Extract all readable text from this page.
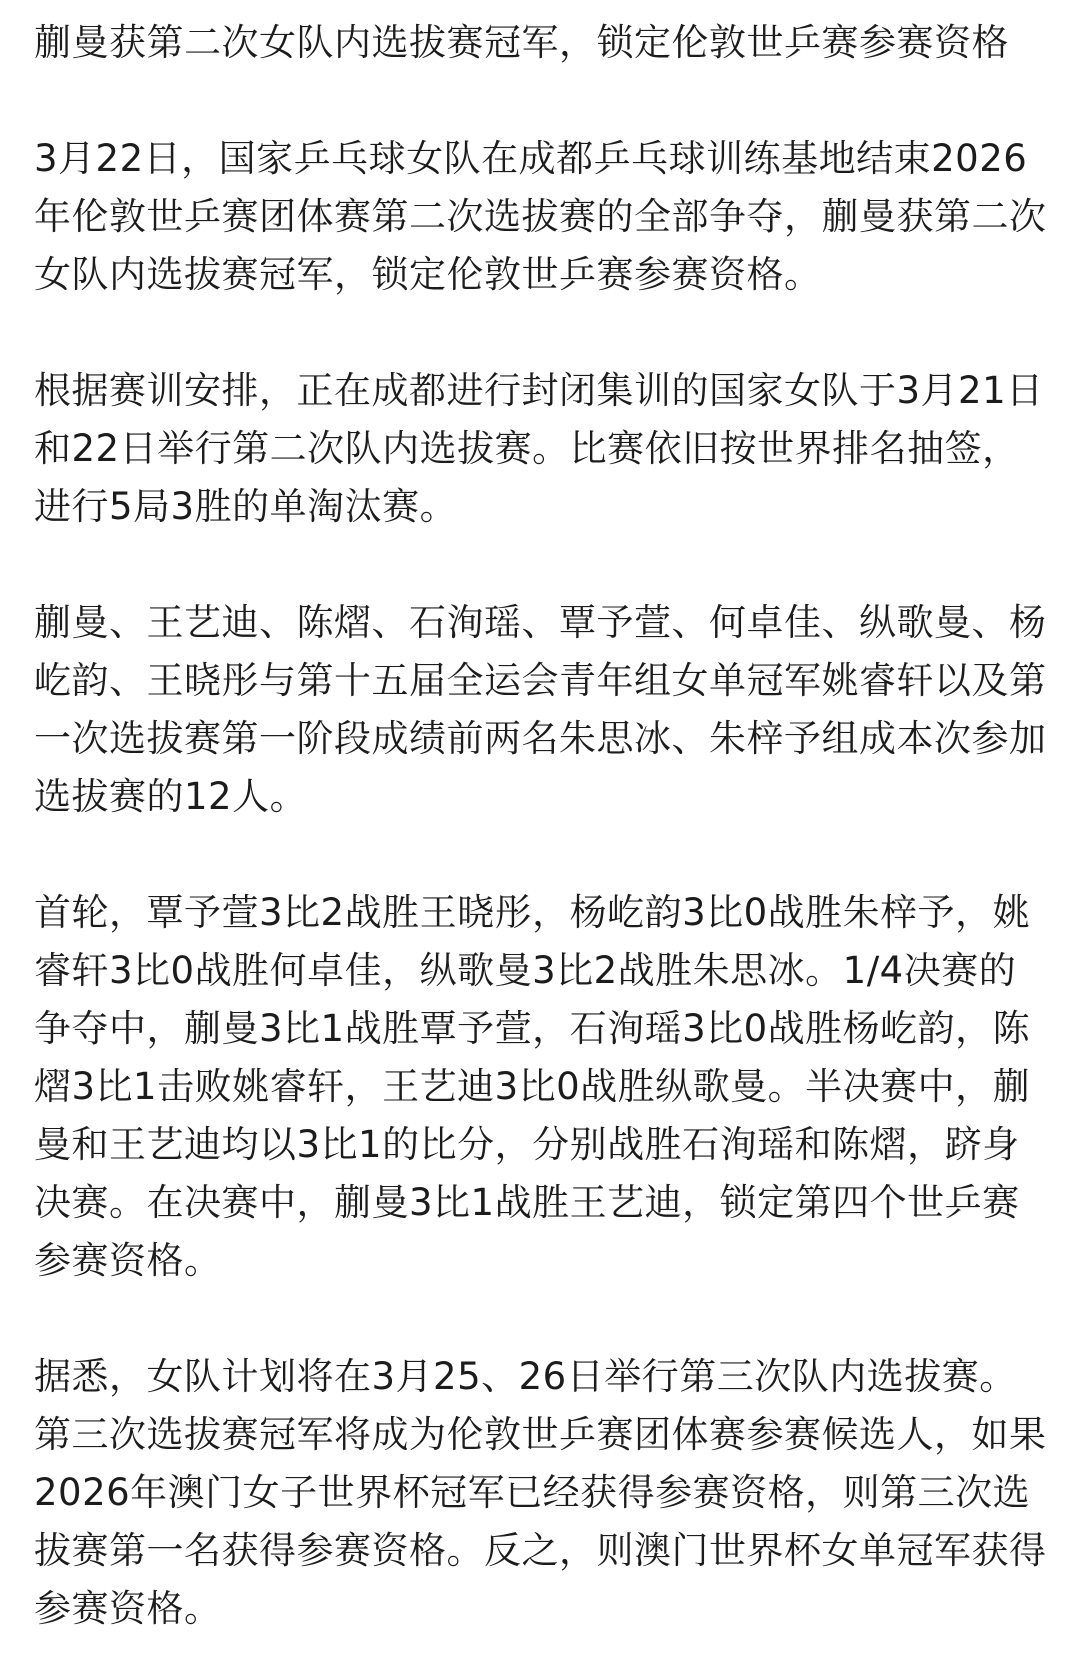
蒯曼获第二次女队内选拔赛冠军，锁定伦敦世乒赛参赛资格

3月22日，国家乒乓球女队在成都乒乓球训练基地结束2026年伦敦世乒赛团体赛第二次选拔赛的全部争夺，蒯曼获第二次女队内选拔赛冠军，锁定伦敦世乒赛参赛资格。

根据赛训安排，正在成都进行封闭集训的国家女队于3月21日和22日举行第二次队内选拔赛。比赛依旧按世界排名抽签，进行5局3胜的单淘汰赛。

蒯曼、王艺迪、陈熠、石洵瑶、覃予萱、何卓佳、纵歌曼、杨屹韵、王晓彤与第十五届全运会青年组女单冠军姚睿轩以及第一次选拔赛第一阶段成绩前两名朱思冰、朱梓予组成本次参加选拔赛的12人。

首轮，覃予萱3比2战胜王晓彤，杨屹韵3比0战胜朱梓予，姚睿轩3比0战胜何卓佳，纵歌曼3比2战胜朱思冰。1/4决赛的争夺中，蒯曼3比1战胜覃予萱，石洵瑶3比0战胜杨屹韵，陈熠3比1击败姚睿轩，王艺迪3比0战胜纵歌曼。半决赛中，蒯曼和王艺迪均以3比1的比分，分别战胜石洵瑶和陈熠，跻身决赛。在决赛中，蒯曼3比1战胜王艺迪，锁定第四个世乒赛参赛资格。

据悉，女队计划将在3月25、26日举行第三次队内选拔赛。第三次选拔赛冠军将成为伦敦世乒赛团体赛参赛候选人，如果2026年澳门女子世界杯冠军已经获得参赛资格，则第三次选拔赛第一名获得参赛资格。反之，则澳门世界杯女单冠军获得参赛资格。
